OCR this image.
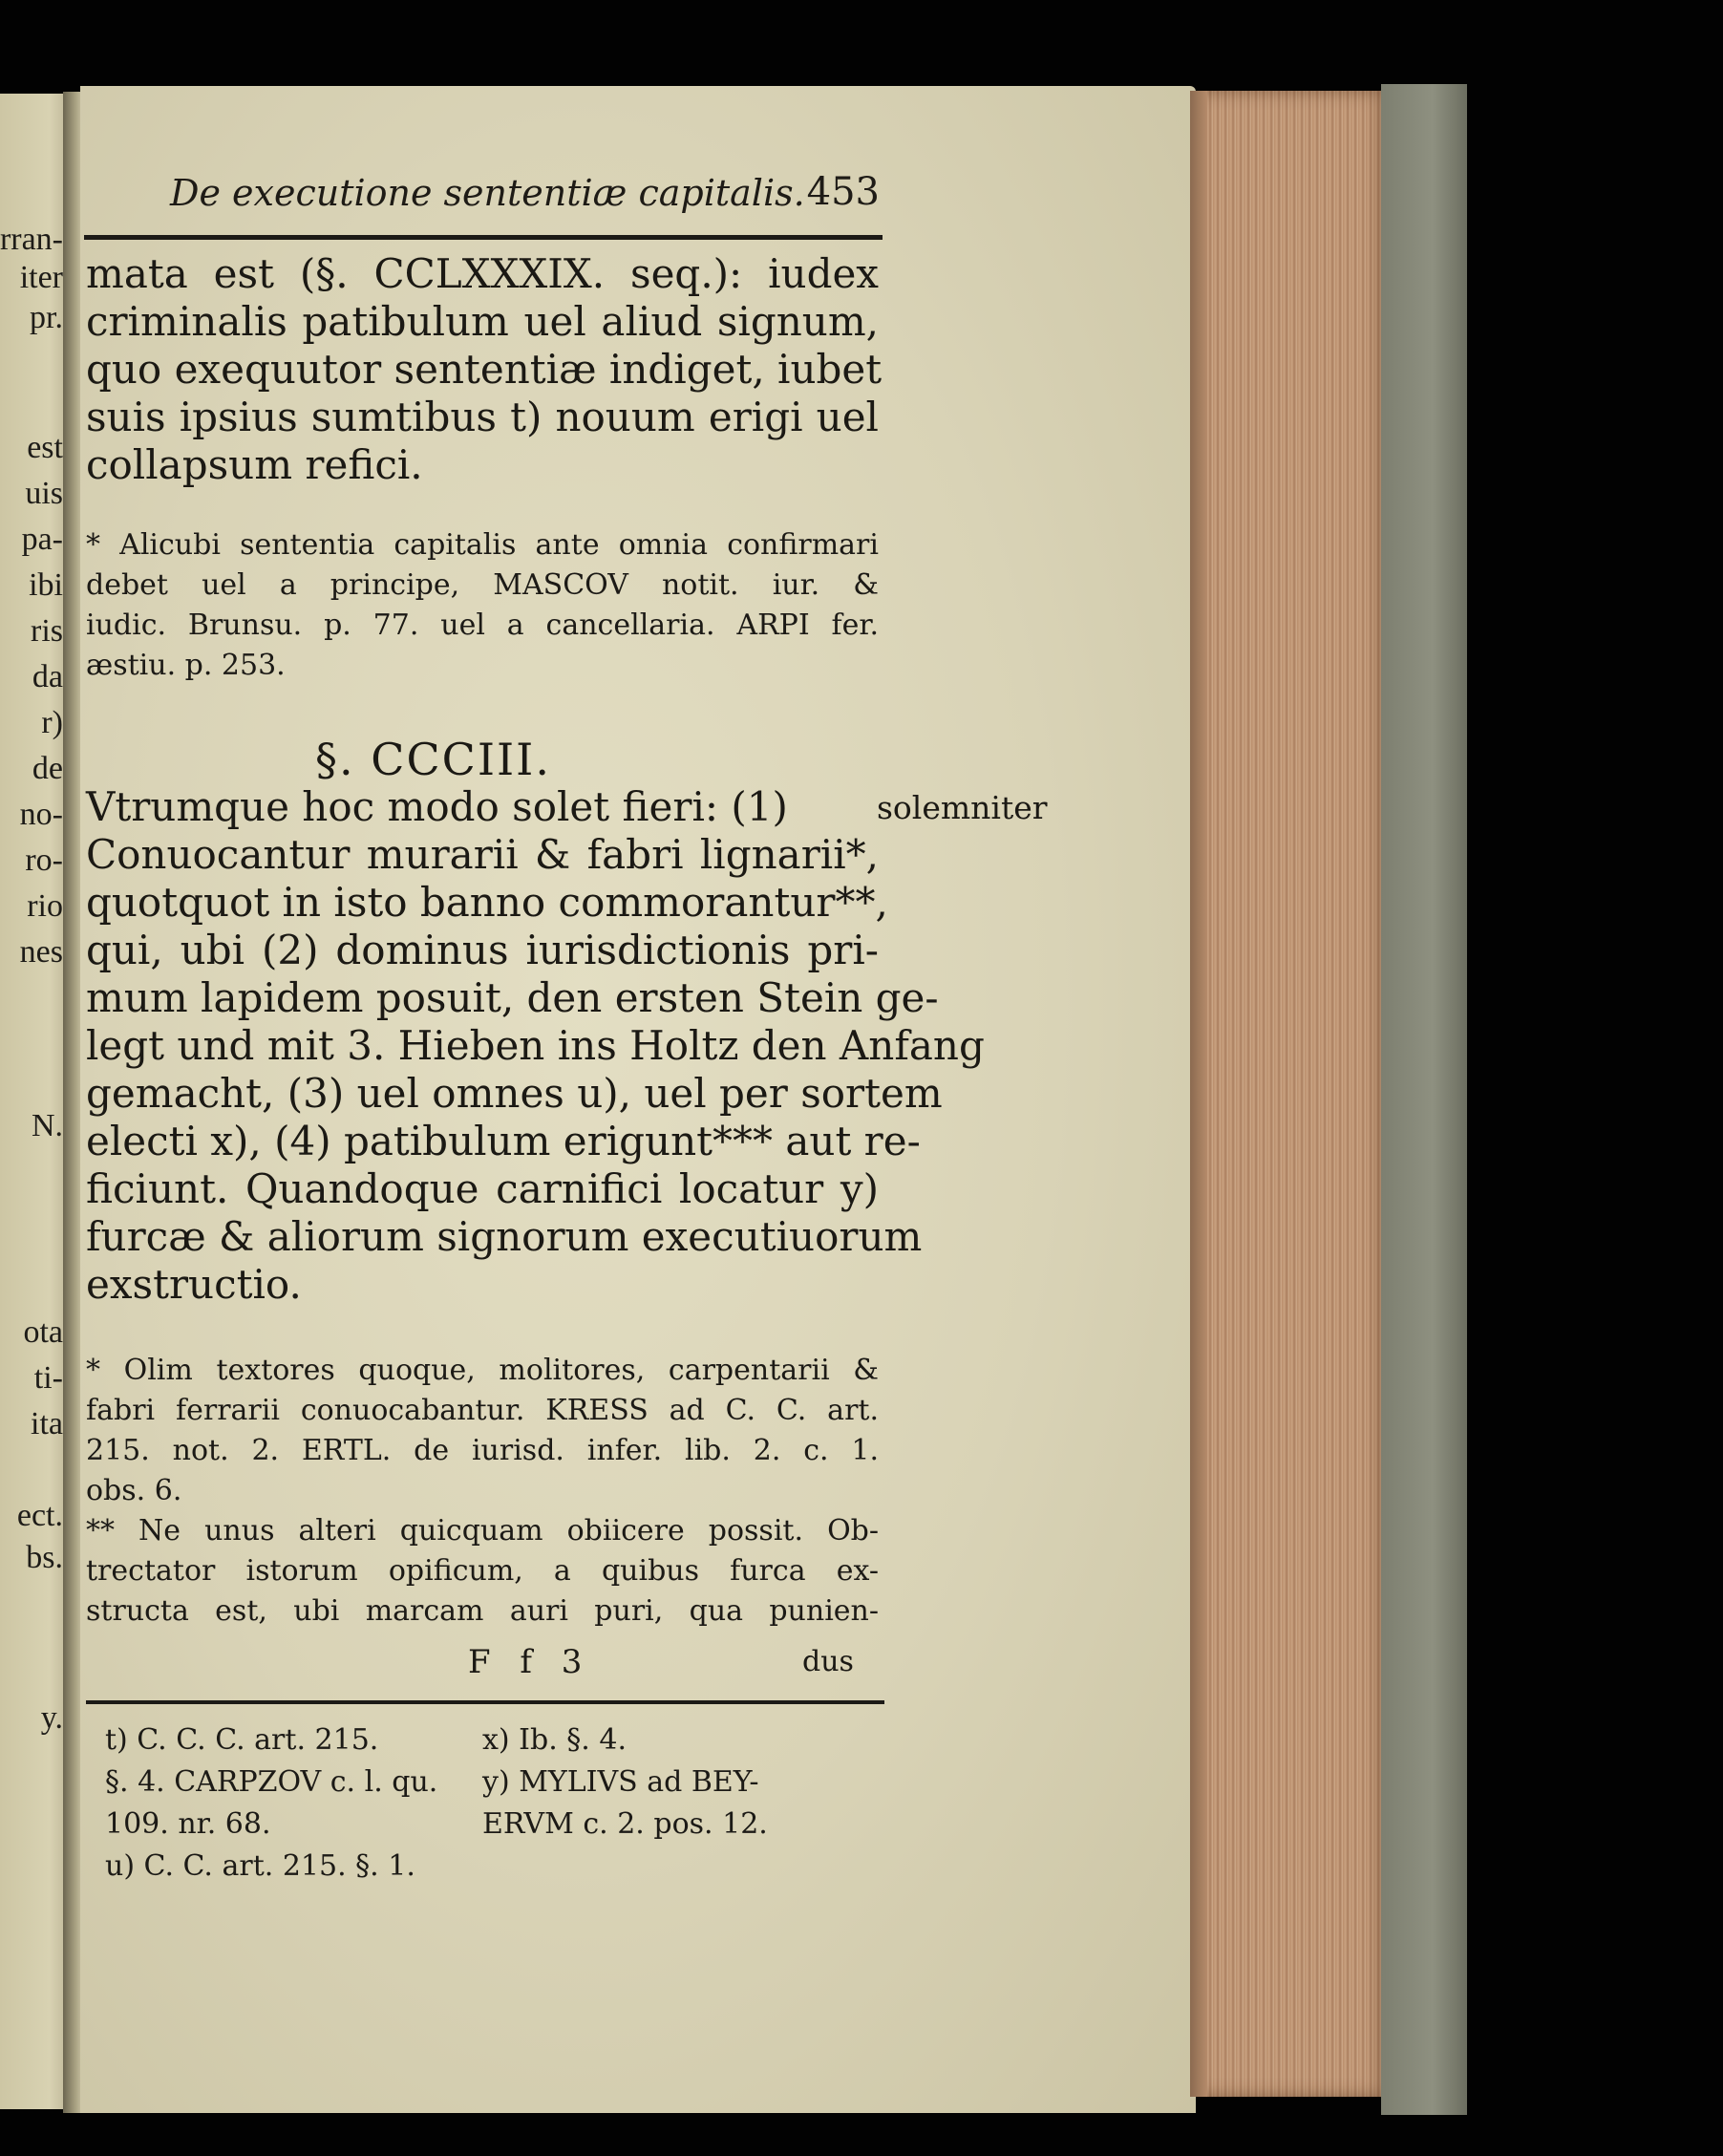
rran-
iter
pr.
est
uis
pa-
ibi
ris
da
r)
de
no-
ro-
rio
nes
N.
ota
ti-
ita
ect.
bs.
y.
De executione sententiæ capitalis. 453
mata est (§. CCLXXXIX. seq.): iudex
criminalis patibulum uel aliud signum,
quo exequutor sententiæ indiget, iubet
suis ipsius sumtibus t) nouum erigi uel
collapsum refici.
* Alicubi sententia capitalis ante omnia confirmari
debet uel a principe, MASCOV notit. iur. &
iudic. Brunsu. p. 77. uel a cancellaria. ARPI fer.
æstiu. p. 253.
§. CCCIII.
solemniter
Vtrumque hoc modo solet fieri: (1)
Conuocantur murarii & fabri lignarii*,
quotquot in isto banno commorantur**,
qui, ubi (2) dominus iurisdictionis pri-
mum lapidem posuit, den ersten Stein ge-
legt und mit 3. Hieben ins Holtz den Anfang
gemacht, (3) uel omnes u), uel per sortem
electi x), (4) patibulum erigunt*** aut re-
ficiunt. Quandoque carnifici locatur y)
furcæ & aliorum signorum executiuorum
exstructio.
* Olim textores quoque, molitores, carpentarii &
fabri ferrarii conuocabantur. KRESS ad C. C. art.
215. not. 2. ERTL. de iurisd. infer. lib. 2. c. 1.
obs. 6.
** Ne unus alteri quicquam obiicere possit. Ob-
trectator istorum opificum, a quibus furca ex-
structa est, ubi marcam auri puri, qua punien-
F f 3	dus
t) C. C. C. art. 215.
§. 4. CARPZOV c. l. qu.
109. nr. 68.
u) C. C. art. 215. §. 1.
x) Ib. §. 4.
y) MYLIVS ad BEY-
ERVM c. 2. pos. 12.
